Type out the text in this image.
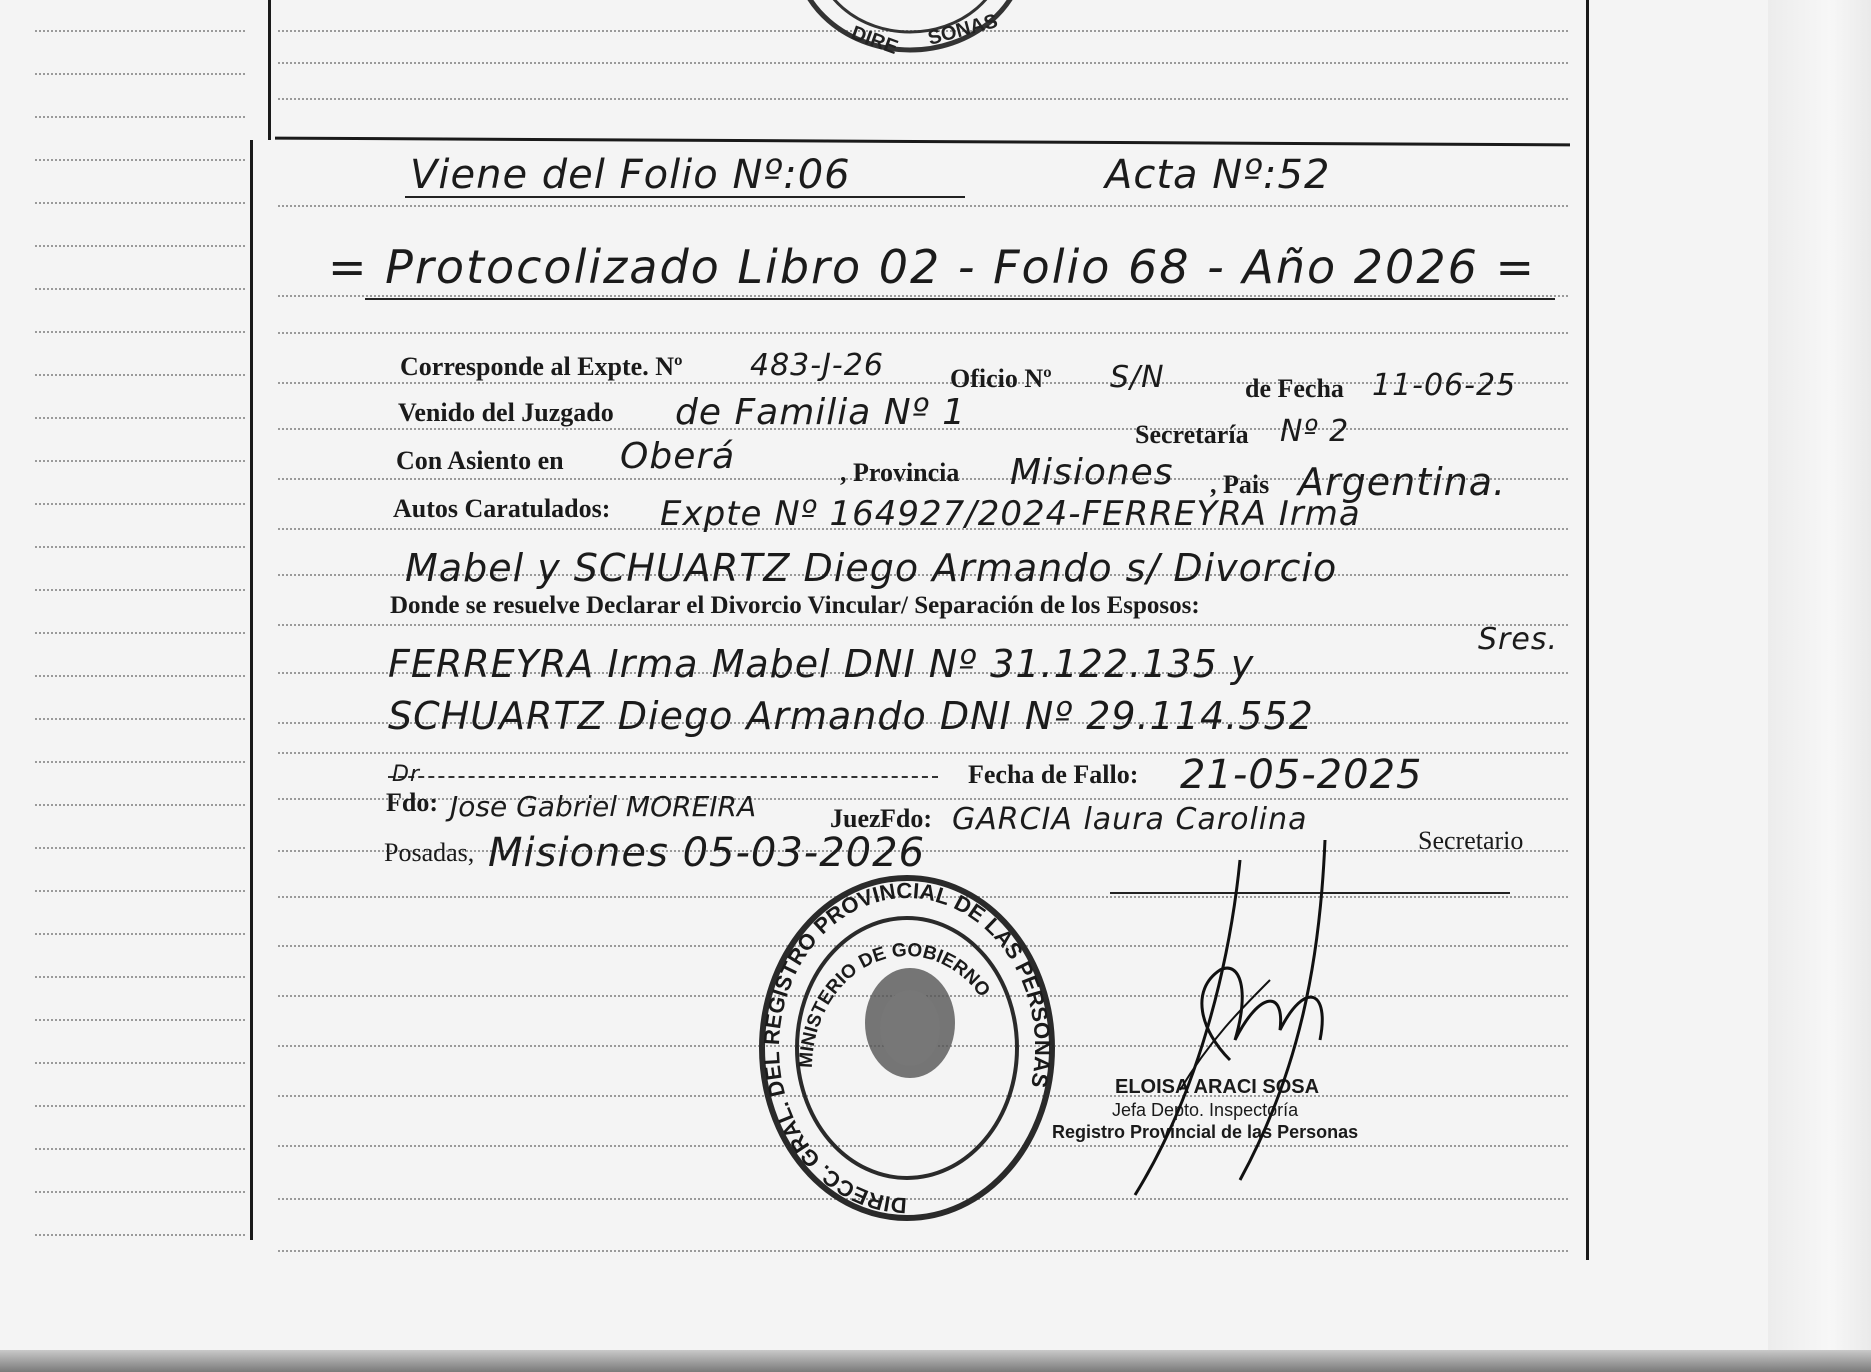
DIRE SONAS
Viene del Folio Nº:06	Acta Nº:52
= Protocolizado Libro 02 - Folio 68 - Año 2026 =
Corresponde al Expte. Nº 483-J-26	Oficio Nº S/N	de Fecha 11-06-25
Venido del Juzgado de Familia Nº 1
Secretaría Nº 2
Con Asiento en Oberá	, Provincia Misiones , Pais Argentina.
Autos Caratulados: Expte Nº 164927/2024-FERREYRA Irma
Mabel y SCHUARTZ Diego Armando s/ Divorcio
Donde se resuelve Declarar el Divorcio Vincular/ Separación de los Esposos:
Sres.
FERREYRA Irma Mabel DNI Nº 31.122.135 y
SCHUARTZ Diego Armando DNI Nº 29.114.552
Fecha de Fallo: 21-05-2025
Dr
Fdo: Jose Gabriel MOREIRA	Juez Fdo: GARCIA laura Carolina
Secretario
Posadas, Misiones 05-03-2026
DIRECC. GRAL. DEL REGISTRO PROVINCIAL DE LAS PERSONAS
MINISTERIO DE GOBIERNO
ELOISA ARACI SOSA
Jefa Depto. Inspectoría
Registro Provincial de las Personas
